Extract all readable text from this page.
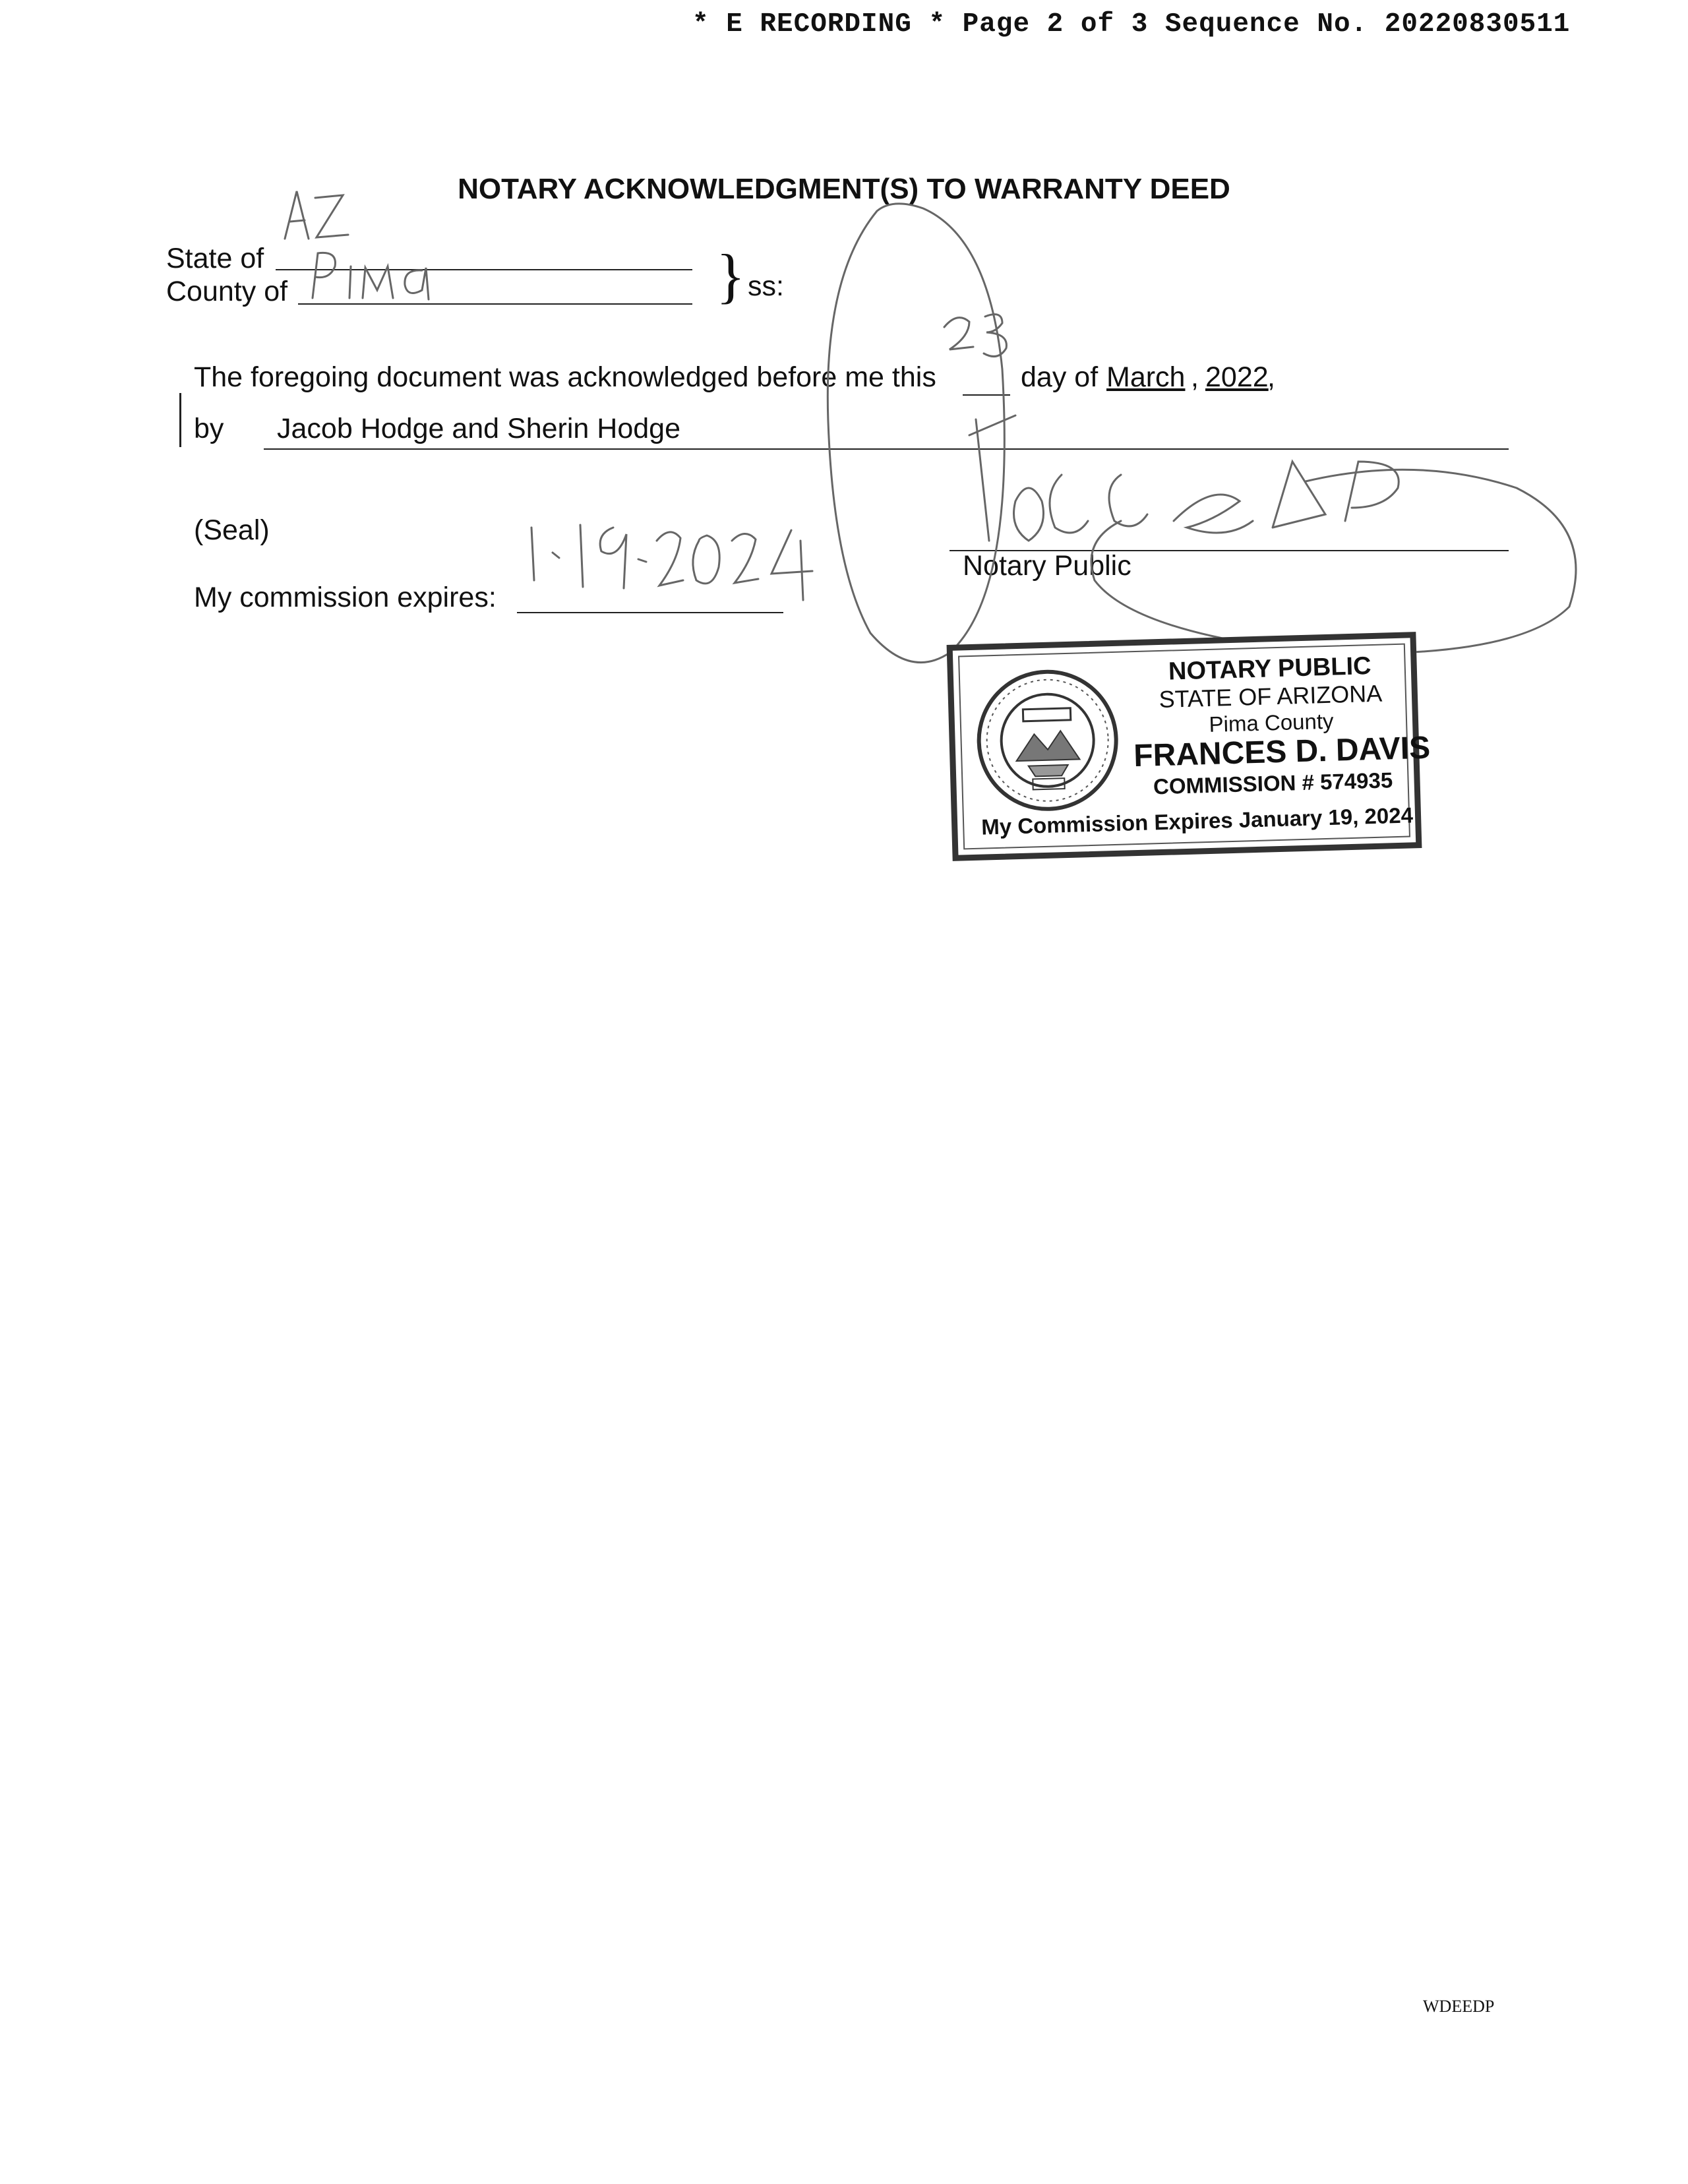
* E RECORDING * Page 2 of 3 Sequence No. 20220830511
NOTARY ACKNOWLEDGMENT(S) TO WARRANTY DEED
State of
County of	} ss:
The foregoing document was acknowledged before me this	day of March , 2022
,
by Jacob Hodge and Sherin Hodge
(Seal)
Notary Public
My commission expires:
NOTARY PUBLIC
STATE OF ARIZONA
Pima County
FRANCES D. DAVIS
COMMISSION # 574935
My Commission Expires January 19, 2024
WDEEDP
